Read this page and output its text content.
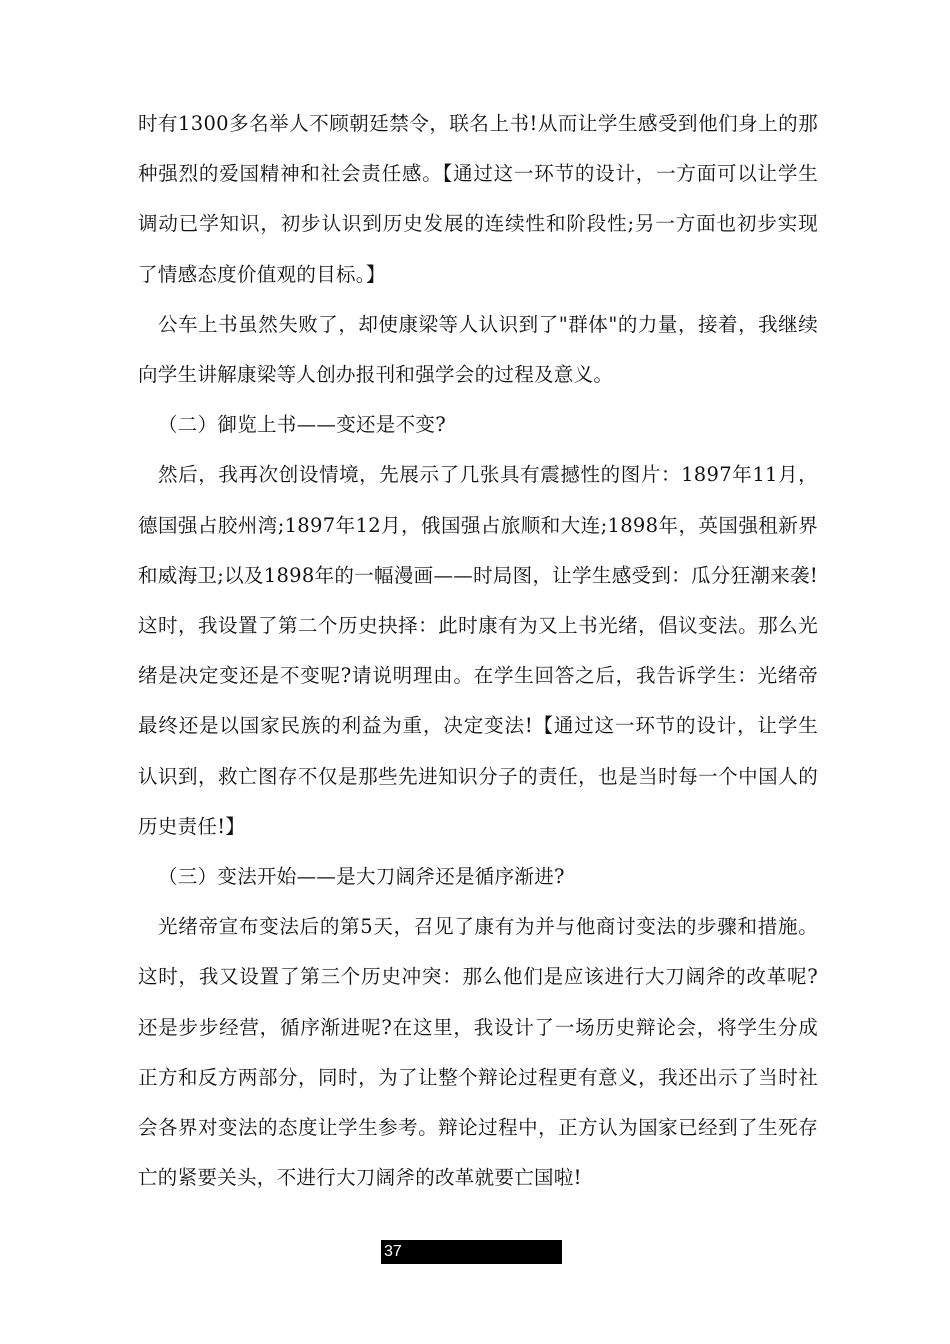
时有1300多名举人不顾朝廷禁令，联名上书!从而让学生感受到他们身上的那种强烈的爱国精神和社会责任感。【通过这一环节的设计，一方面可以让学生调动已学知识，初步认识到历史发展的连续性和阶段性;另一方面也初步实现了情感态度价值观的目标。】

公车上书虽然失败了，却使康梁等人认识到了"群体"的力量，接着，我继续向学生讲解康梁等人创办报刊和强学会的过程及意义。

（二）御览上书——变还是不变?

然后，我再次创设情境，先展示了几张具有震撼性的图片：1897年11月，德国强占胶州湾;1897年12月，俄国强占旅顺和大连;1898年，英国强租新界和威海卫;以及1898年的一幅漫画——时局图，让学生感受到：瓜分狂潮来袭!这时，我设置了第二个历史抉择：此时康有为又上书光绪，倡议变法。那么光绪是决定变还是不变呢?请说明理由。在学生回答之后，我告诉学生：光绪帝最终还是以国家民族的利益为重，决定变法!【通过这一环节的设计，让学生认识到，救亡图存不仅是那些先进知识分子的责任，也是当时每一个中国人的历史责任!】

（三）变法开始——是大刀阔斧还是循序渐进?

光绪帝宣布变法后的第5天，召见了康有为并与他商讨变法的步骤和措施。这时，我又设置了第三个历史冲突：那么他们是应该进行大刀阔斧的改革呢?还是步步经营，循序渐进呢?在这里，我设计了一场历史辩论会，将学生分成正方和反方两部分，同时，为了让整个辩论过程更有意义，我还出示了当时社会各界对变法的态度让学生参考。辩论过程中，正方认为国家已经到了生死存亡的紧要关头，不进行大刀阔斧的改革就要亡国啦!

37
